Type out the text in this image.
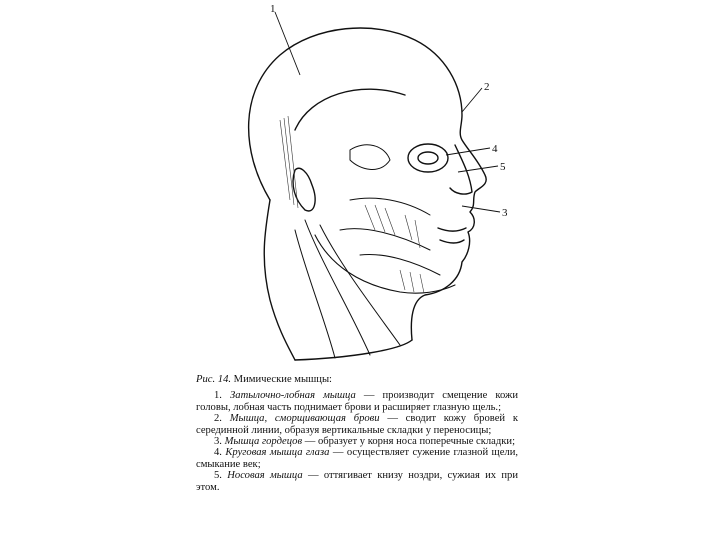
1
2
4
5
3

Рис. 14. Мимические мышцы:

1. Затылочно-лобная мышца — производит смещение кожи головы, лобная часть поднимает брови и расширяет глазную щель.;

2. Мышца, сморщивающая брови — сводит кожу бровей к серединной линии, образуя вертикальные складки у переносицы;

3. Мышца гордецов — образует у корня носа поперечные складки;

4. Круговая мышца глаза — осуществляет сужение глазной щели, смыкание век;

5. Носовая мышца — оттягивает книзу ноздри, сужиая их при этом.
